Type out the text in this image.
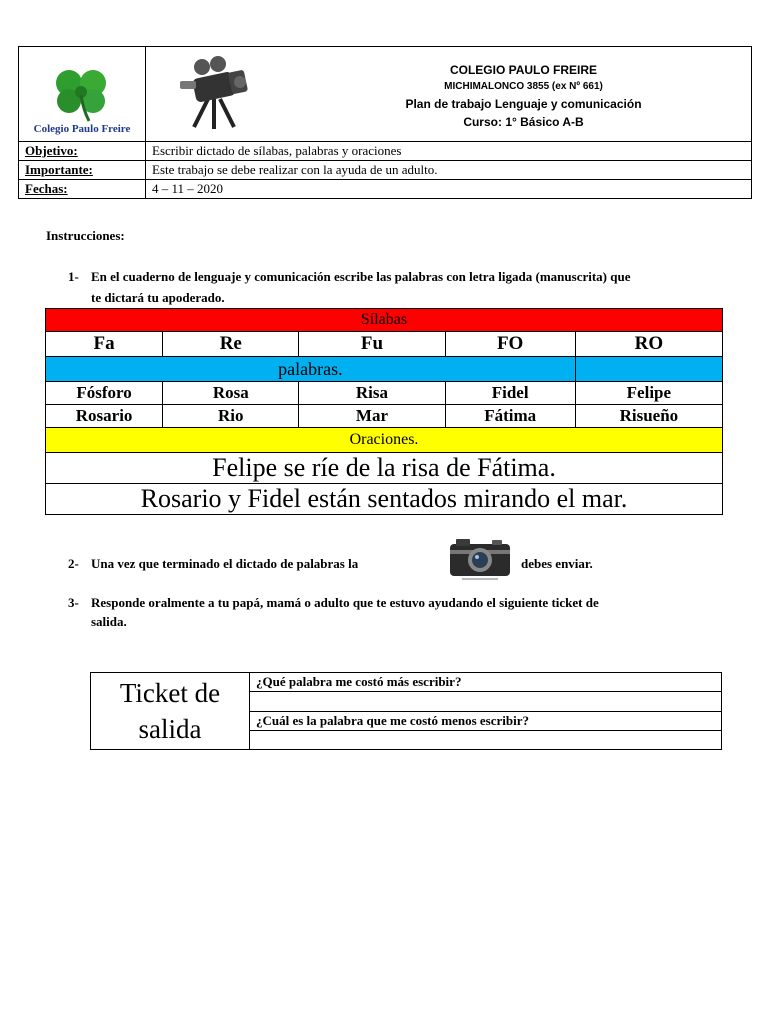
Colegio Paulo Freire	COLEGIO PAULO FREIRE
MICHIMALONCO 3855 (ex Nº 661)
Plan de trabajo Lenguaje y comunicación
Curso: 1° Básico A-B

Objetivo:	Escribir dictado de sílabas, palabras y oraciones
Importante:	Este trabajo se debe realizar con la ayuda de un adulto.
Fechas:	4 – 11 – 2020
Instrucciones:
1- En el cuaderno de lenguaje y comunicación escribe las palabras con letra ligada (manuscrita) que
te dictará tu apoderado.
Sílabas				
Fa	Re	Fu	FO	RO
palabras.				
Fósforo	Rosa	Risa	Fidel	Felipe
Rosario	Rio	Mar	Fátima	Risueño
Oraciones.				
Felipe se ríe de la risa de Fátima.				
Rosario y Fidel están sentados mirando el mar.				
2- Una vez que terminado el dictado de palabras la	debes enviar.
3- Responde oralmente a tu papá, mamá o adulto que te estuvo ayudando el siguiente ticket de
salida.
Ticket de
salida
	¿Qué palabra me costó más escribir?

¿Cuál es la palabra que me costó menos escribir?
